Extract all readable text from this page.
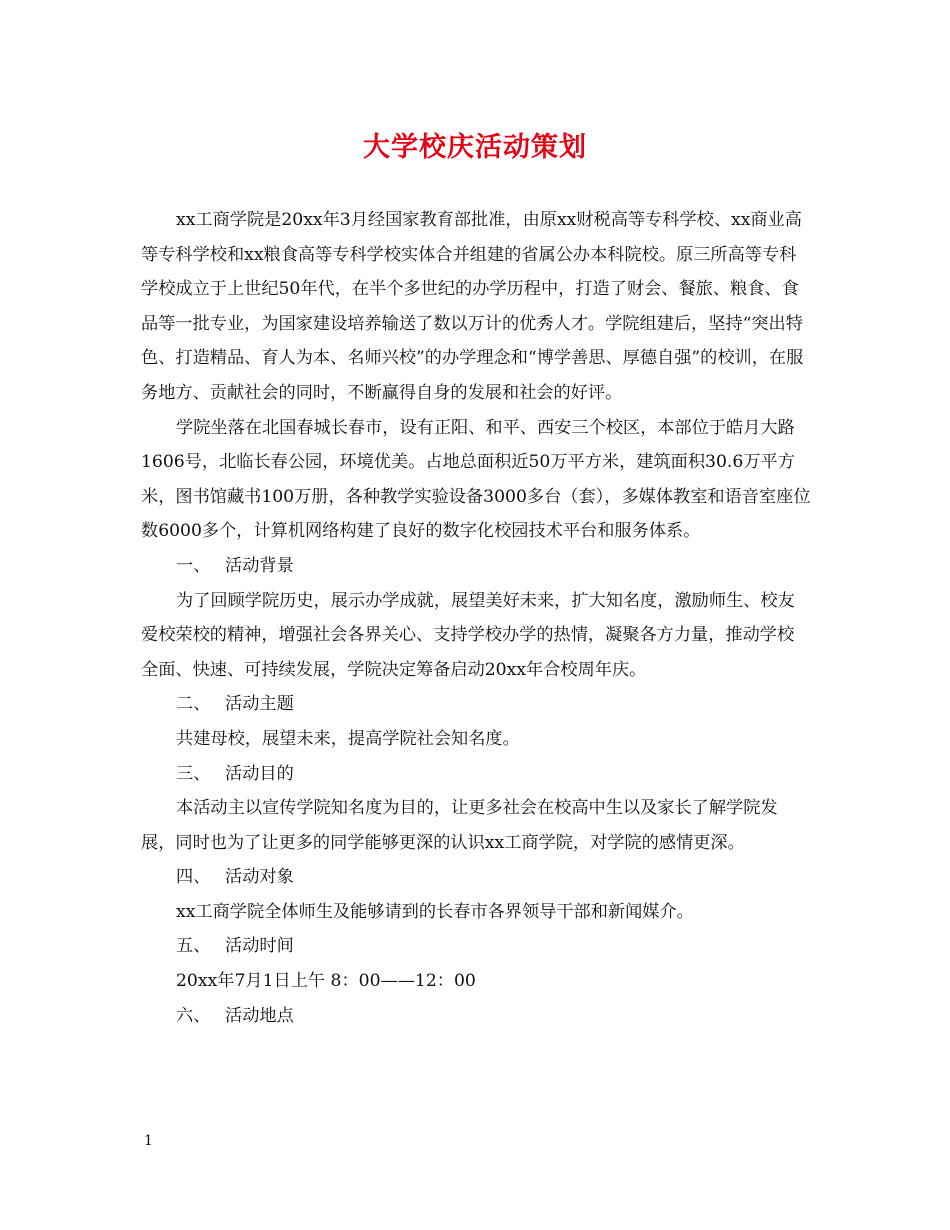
大学校庆活动策划

xx工商学院是20xx年3月经国家教育部批准，由原xx财税高等专科学校、xx商业高等专科学校和xx粮食高等专科学校实体合并组建的省属公办本科院校。原三所高等专科学校成立于上世纪50年代，在半个多世纪的办学历程中，打造了财会、餐旅、粮食、食品等一批专业，为国家建设培养输送了数以万计的优秀人才。学院组建后，坚持“突出特色、打造精品、育人为本、名师兴校”的办学理念和“博学善思、厚德自强”的校训，在服务地方、贡献社会的同时，不断赢得自身的发展和社会的好评。

学院坐落在北国春城长春市，设有正阳、和平、西安三个校区，本部位于皓月大路1606号，北临长春公园，环境优美。占地总面积近50万平方米，建筑面积30.6万平方米，图书馆藏书100万册，各种教学实验设备3000多台（套），多媒体教室和语音室座位数6000多个，计算机网络构建了良好的数字化校园技术平台和服务体系。

一、 活动背景

为了回顾学院历史，展示办学成就，展望美好未来，扩大知名度，激励师生、校友爱校荣校的精神，增强社会各界关心、支持学校办学的热情，凝聚各方力量，推动学校全面、快速、可持续发展，学院决定筹备启动20xx年合校周年庆。

二、 活动主题

共建母校，展望未来，提高学院社会知名度。

三、 活动目的

本活动主以宣传学院知名度为目的，让更多社会在校高中生以及家长了解学院发展，同时也为了让更多的同学能够更深的认识xx工商学院，对学院的感情更深。

四、 活动对象

xx工商学院全体师生及能够请到的长春市各界领导干部和新闻媒介。

五、 活动时间

20xx年7月1日上午 8：00——12：00

六、 活动地点

1
